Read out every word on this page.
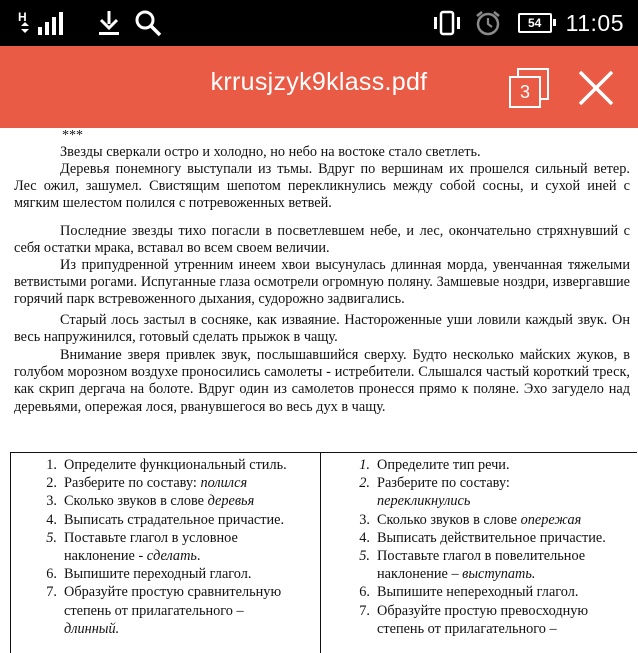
H	54 11:05
krrusjzyk9klass.pdf	3
***
Звезды сверкали остро и холодно, но небо на востоке стало светлеть.
Деревья понемногу выступали из тьмы. Вдруг по вершинам их прошелся сильный ветер. Лес ожил, зашумел. Свистящим шепотом перекликнулись между собой сосны, и сухой иней с мягким шелестом полился с потревоженных ветвей.
Последние звезды тихо погасли в посветлевшем небе, и лес, окончательно стряхнувший с себя остатки мрака, вставал во всем своем величии.
Из припудренной утренним инеем хвои высунулась длинная морда, увенчанная тяжелыми ветвистыми рогами. Испуганные глаза осмотрели огромную поляну. Замшевые ноздри, извергавшие горячий парк встревоженного дыхания, судорожно задвигались.
Старый лось застыл в сосняке, как изваяние. Настороженные уши ловили каждый звук. Он весь напружинился, готовый сделать прыжок в чащу.
Внимание зверя привлек звук, послышавшийся сверху. Будто несколько майских жуков, в голубом морозном воздухе проносились самолеты - истребители. Слышался частый короткий треск, как скрип дергача на болоте. Вдруг один из самолетов пронесся прямо к поляне. Эхо загудело над деревьями, опережая лося, рванувшегося во весь дух в чащу.
1. Определите функциональный стиль.
2. Разберите по составу: полился
3. Сколько звуков в слове деревья
4. Выписать страдательное причастие.
5. Поставьте глагол в условное
наклонение - сделать.
6. Выпишите переходный глагол.
7. Образуйте простую сравнительную
степень от прилагательного –
длинный.
1. Определите тип речи.
2. Разберите по составу:
перекликнулись
3. Сколько звуков в слове опережая
4. Выписать действительное причастие.
5. Поставьте глагол в повелительное
наклонение – выступать.
6. Выпишите непереходный глагол.
7. Образуйте простую превосходную
степень от прилагательного –
